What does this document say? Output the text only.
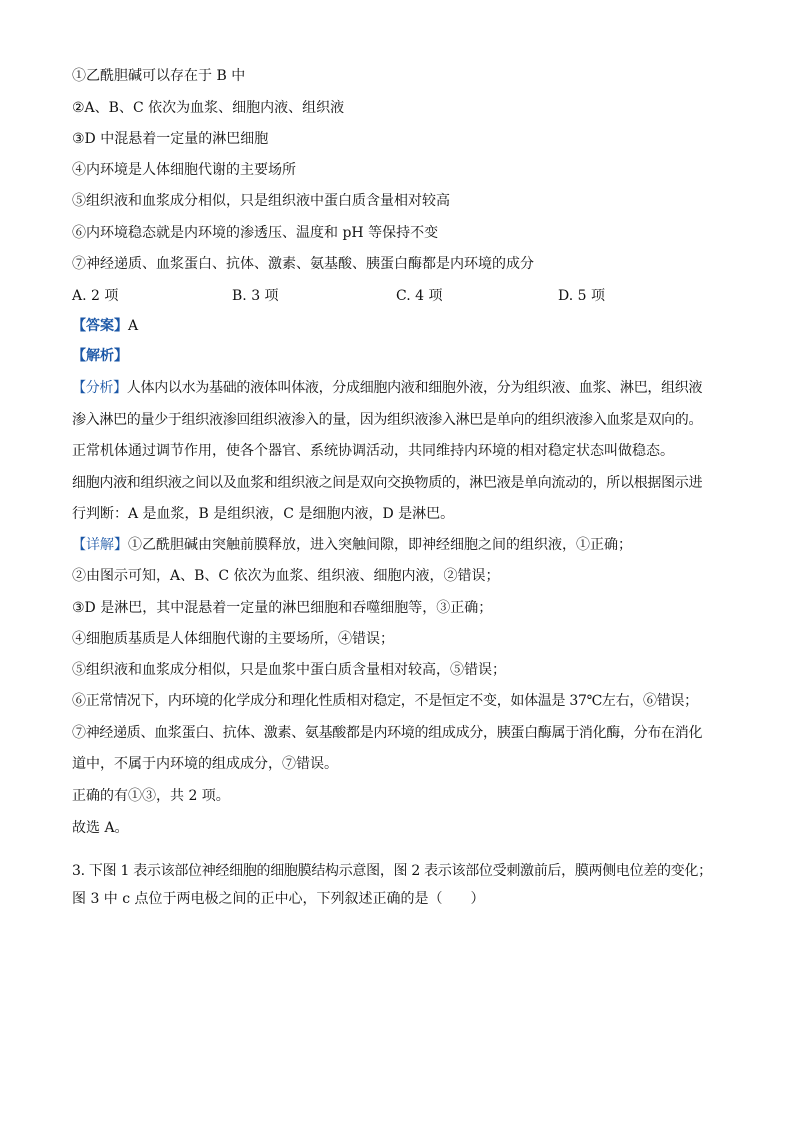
①乙酰胆碱可以存在于 B 中
②A、B、C 依次为血浆、细胞内液、组织液
③D 中混悬着一定量的淋巴细胞
④内环境是人体细胞代谢的主要场所
⑤组织液和血浆成分相似，只是组织液中蛋白质含量相对较高
⑥内环境稳态就是内环境的渗透压、温度和 pH 等保持不变
⑦神经递质、血浆蛋白、抗体、激素、氨基酸、胰蛋白酶都是内环境的成分
A. 2 项	B. 3 项	C. 4 项	D. 5 项
【答案】A
【解析】
【分析】人体内以水为基础的液体叫体液，分成细胞内液和细胞外液，分为组织液、血浆、淋巴，组织液
渗入淋巴的量少于组织液渗回组织液渗入的量，因为组织液渗入淋巴是单向的组织液渗入血浆是双向的。
正常机体通过调节作用，使各个器官、系统协调活动，共同维持内环境的相对稳定状态叫做稳态。
细胞内液和组织液之间以及血浆和组织液之间是双向交换物质的，淋巴液是单向流动的，所以根据图示进
行判断：A 是血浆，B 是组织液，C 是细胞内液，D 是淋巴。
【详解】①乙酰胆碱由突触前膜释放，进入突触间隙，即神经细胞之间的组织液，①正确；
②由图示可知，A、B、C 依次为血浆、组织液、细胞内液，②错误；
③D 是淋巴，其中混悬着一定量的淋巴细胞和吞噬细胞等，③正确；
④细胞质基质是人体细胞代谢的主要场所，④错误；
⑤组织液和血浆成分相似，只是血浆中蛋白质含量相对较高，⑤错误；
⑥正常情况下，内环境的化学成分和理化性质相对稳定，不是恒定不变，如体温是 37℃左右，⑥错误；
⑦神经递质、血浆蛋白、抗体、激素、氨基酸都是内环境的组成成分，胰蛋白酶属于消化酶，分布在消化
道中，不属于内环境的组成成分，⑦错误。
正确的有①③，共 2 项。
故选 A。
3. 下图 1 表示该部位神经细胞的细胞膜结构示意图，图 2 表示该部位受刺激前后，膜两侧电位差的变化；
图 3 中 c 点位于两电极之间的正中心，下列叙述正确的是（　　）
